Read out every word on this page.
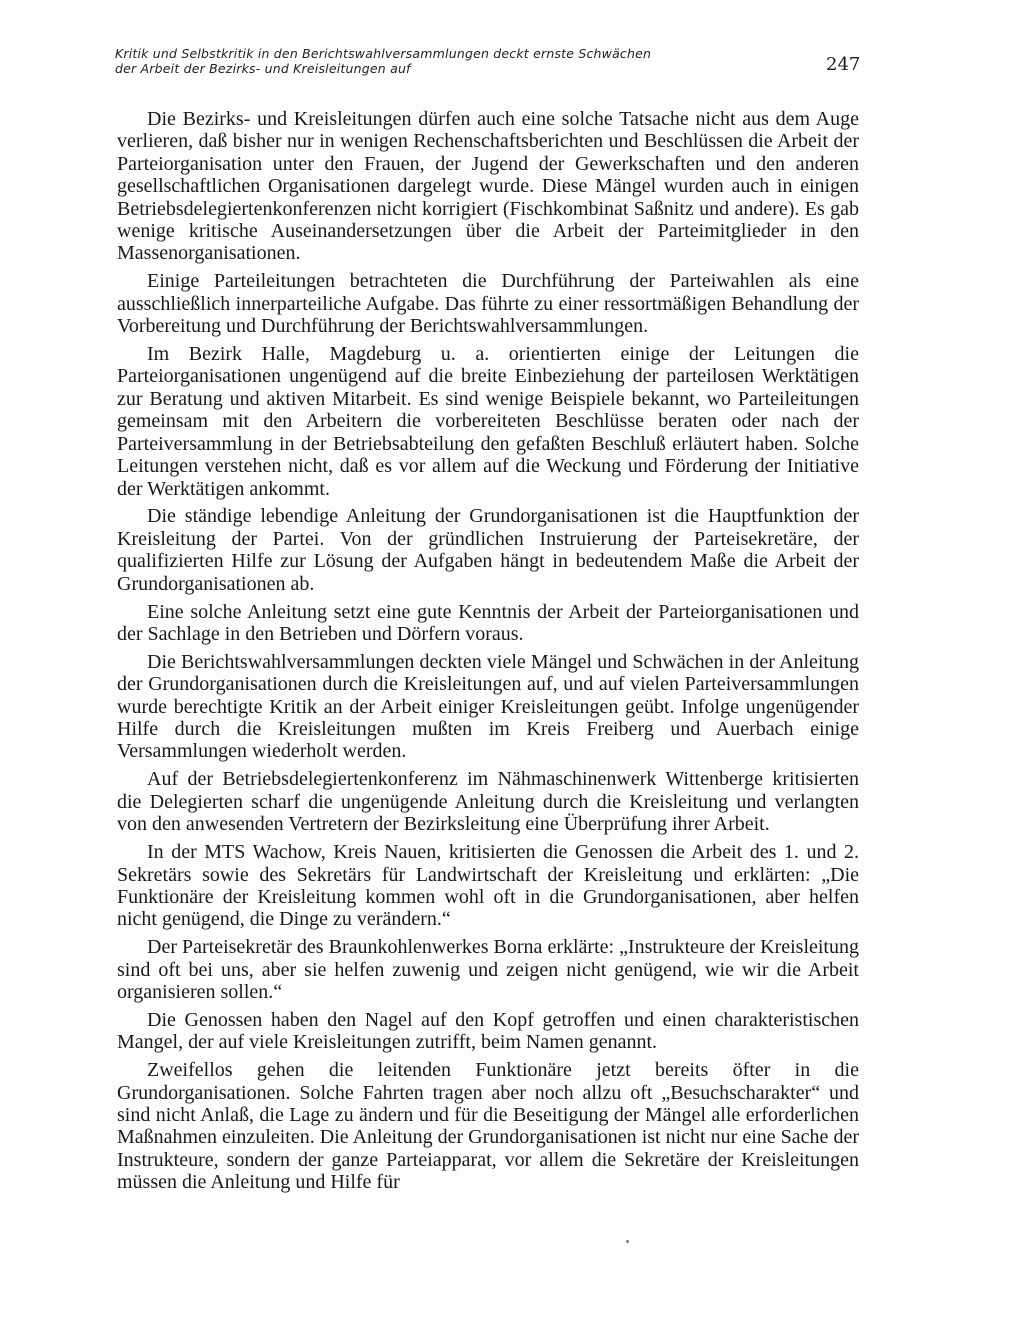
Kritik und Selbstkritik in den Berichtswahlversammlungen deckt ernste Schwächen
der Arbeit der Bezirks- und Kreisleitungen auf	247

Die Bezirks- und Kreisleitungen dürfen auch eine solche Tatsache nicht aus dem Auge verlieren, daß bisher nur in wenigen Rechenschaftsberichten und Beschlüssen die Arbeit der Parteiorganisation unter den Frauen, der Jugend der Gewerkschaften und den anderen gesellschaftlichen Organisationen dargelegt wurde. Diese Mängel wurden auch in einigen Betriebsdelegiertenkonferenzen nicht korrigiert (Fischkombinat Saßnitz und andere). Es gab wenige kritische Auseinandersetzungen über die Arbeit der Parteimitglieder in den Massenorganisationen.

Einige Parteileitungen betrachteten die Durchführung der Parteiwahlen als eine ausschließlich innerparteiliche Aufgabe. Das führte zu einer ressortmäßigen Behandlung der Vorbereitung und Durchführung der Berichtswahlversammlungen.

Im Bezirk Halle, Magdeburg u. a. orientierten einige der Leitungen die Parteiorganisationen ungenügend auf die breite Einbeziehung der parteilosen Werktätigen zur Beratung und aktiven Mitarbeit. Es sind wenige Beispiele bekannt, wo Parteileitungen gemeinsam mit den Arbeitern die vorbereiteten Beschlüsse beraten oder nach der Parteiversammlung in der Betriebsabteilung den gefaßten Beschluß erläutert haben. Solche Leitungen verstehen nicht, daß es vor allem auf die Weckung und Förderung der Initiative der Werktätigen ankommt.

Die ständige lebendige Anleitung der Grundorganisationen ist die Hauptfunktion der Kreisleitung der Partei. Von der gründlichen Instruierung der Parteisekretäre, der qualifizierten Hilfe zur Lösung der Aufgaben hängt in bedeutendem Maße die Arbeit der Grundorganisationen ab.

Eine solche Anleitung setzt eine gute Kenntnis der Arbeit der Parteiorganisationen und der Sachlage in den Betrieben und Dörfern voraus.

Die Berichtswahlversammlungen deckten viele Mängel und Schwächen in der Anleitung der Grundorganisationen durch die Kreisleitungen auf, und auf vielen Parteiversammlungen wurde berechtigte Kritik an der Arbeit einiger Kreisleitungen geübt. Infolge ungenügender Hilfe durch die Kreisleitungen mußten im Kreis Freiberg und Auerbach einige Versammlungen wiederholt werden.

Auf der Betriebsdelegiertenkonferenz im Nähmaschinenwerk Wittenberge kritisierten die Delegierten scharf die ungenügende Anleitung durch die Kreisleitung und verlangten von den anwesenden Vertretern der Bezirksleitung eine Überprüfung ihrer Arbeit.

In der MTS Wachow, Kreis Nauen, kritisierten die Genossen die Arbeit des 1. und 2. Sekretärs sowie des Sekretärs für Landwirtschaft der Kreisleitung und erklärten: „Die Funktionäre der Kreisleitung kommen wohl oft in die Grundorganisationen, aber helfen nicht genügend, die Dinge zu verändern.“

Der Parteisekretär des Braunkohlenwerkes Borna erklärte: „Instrukteure der Kreisleitung sind oft bei uns, aber sie helfen zuwenig und zeigen nicht genügend, wie wir die Arbeit organisieren sollen.“

Die Genossen haben den Nagel auf den Kopf getroffen und einen charakteristischen Mangel, der auf viele Kreisleitungen zutrifft, beim Namen genannt.

Zweifellos gehen die leitenden Funktionäre jetzt bereits öfter in die Grundorganisationen. Solche Fahrten tragen aber noch allzu oft „Besuchscharakter“ und sind nicht Anlaß, die Lage zu ändern und für die Beseitigung der Mängel alle erforderlichen Maßnahmen einzuleiten. Die Anleitung der Grundorganisationen ist nicht nur eine Sache der Instrukteure, sondern der ganze Parteiapparat, vor allem die Sekretäre der Kreisleitungen müssen die Anleitung und Hilfe für
